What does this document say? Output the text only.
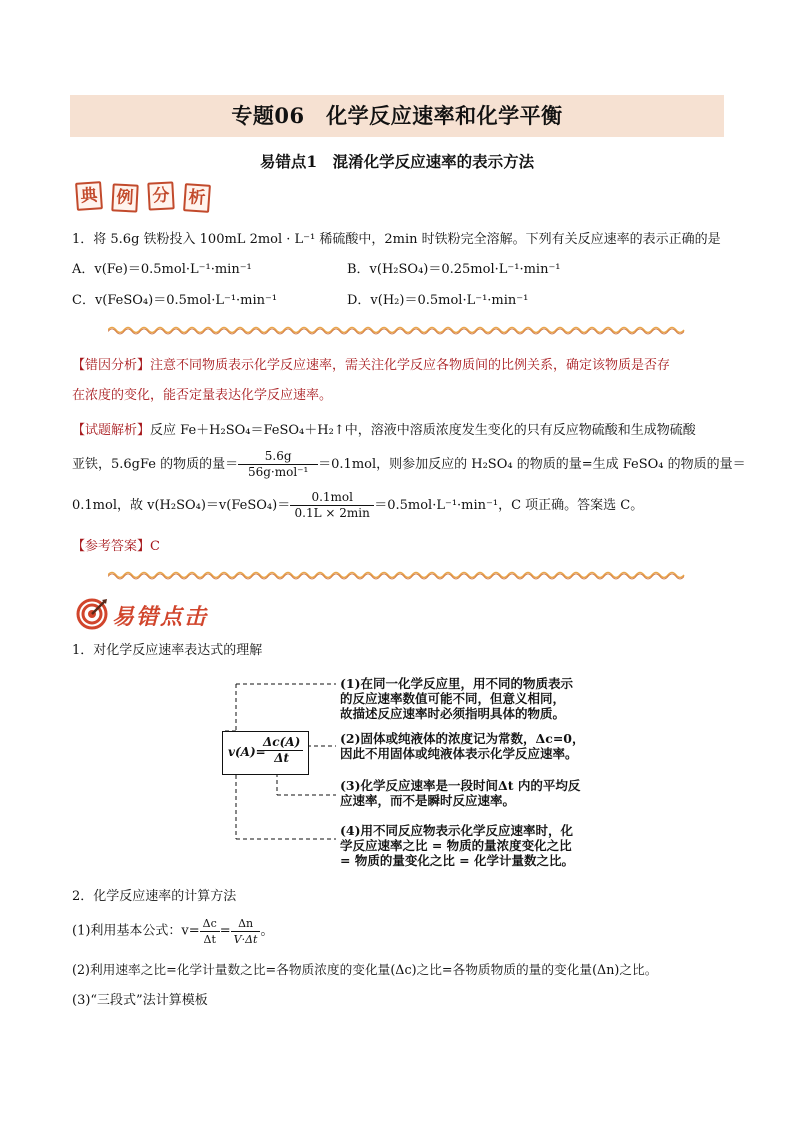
专题06　化学反应速率和化学平衡
易错点1　混淆化学反应速率的表示方法
典 例 分 析
1．将 5.6g 铁粉投入 100mL 2mol · L⁻¹ 稀硫酸中，2min 时铁粉完全溶解。下列有关反应速率的表示正确的是
A．v(Fe)＝0.5mol·L⁻¹·min⁻¹	B．v(H₂SO₄)＝0.25mol·L⁻¹·min⁻¹
C．v(FeSO₄)＝0.5mol·L⁻¹·min⁻¹	D．v(H₂)＝0.5mol·L⁻¹·min⁻¹
【错因分析】注意不同物质表示化学反应速率，需关注化学反应各物质间的比例关系，确定该物质是否存
在浓度的变化，能否定量表达化学反应速率。
【试题解析】反应 Fe＋H₂SO₄＝FeSO₄＋H₂↑中，溶液中溶质浓度发生变化的只有反应物硫酸和生成物硫酸
亚铁，5.6gFe 的物质的量＝ $\frac{5.6g}{\text{56g·mol⁻¹}} =0.1mol$，则参加反应的 H₂SO₄ 的物质的量=生成 FeSO₄ 的物质的量＝
0.1mol，故 v(H₂SO₄)＝v(FeSO₄)＝ $\frac{\text{0.1mol}}{0.1L \times 2\min} =0.5mol\cdot L^{-1}\cdot\min^{-1}$，C 项正确。答案选 C。
【参考答案】C
易错点击
1．对化学反应速率表达式的理解
v(A)=
$\frac{\Delta c(A)}{\Delta t}$
(1)在同一化学反应里，用不同的物质表示
的反应速率数值可能不同，但意义相同，
故描述反应速率时必须指明具体的物质。
(2)固体或纯液体的浓度记为常数，Δc=0，
因此不用固体或纯液体表示化学反应速率。
(3)化学反应速率是一段时间Δt 内的平均反
应速率，而不是瞬时反应速率。
(4)用不同反应物表示化学反应速率时，化
学反应速率之比 = 物质的量浓度变化之比
= 物质的量变化之比 = 化学计量数之比。
2．化学反应速率的计算方法
(1)利用基本公式：$v= \frac{\Delta c}{\Delta t} = \frac{\Delta n}{V\cdot\Delta t}$ 。
(2)利用速率之比=化学计量数之比=各物质浓度的变化量(Δc)之比=各物质物质的量的变化量(Δn)之比。
(3)“三段式”法计算模板
